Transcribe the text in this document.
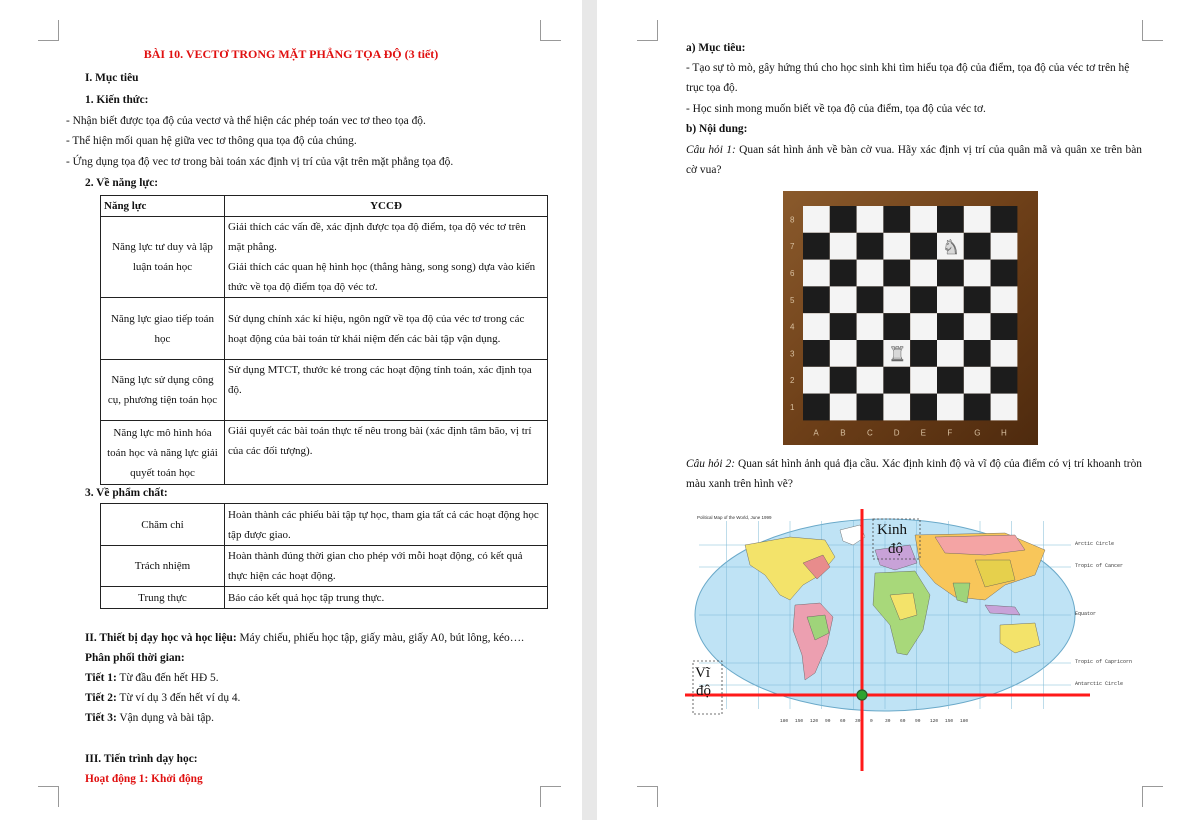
BÀI 10. VECTƠ TRONG MẶT PHẲNG TỌA ĐỘ (3 tiết)
I. Mục tiêu
1. Kiến thức:
- Nhận biết được tọa độ của vectơ và thể hiện các phép toán vec tơ theo tọa độ.
- Thể hiện mối quan hệ giữa vec tơ thông qua tọa độ của chúng.
- Ứng dụng tọa độ vec tơ trong bài toán xác định vị trí của vật trên mặt phẳng tọa độ.
2. Về năng lực:
Năng lực	YCCĐ
Năng lực tư duy và lập luận toán học	Giải thích các vấn đề, xác định được tọa độ điểm, tọa độ véc tơ trên mặt phẳng.
Giải thích các quan hệ hình học (thẳng hàng, song song) dựa vào kiến thức về tọa độ điểm tọa độ véc tơ.
Năng lực giao tiếp toán học	Sử dụng chính xác kí hiệu, ngôn ngữ về tọa độ của véc tơ trong các hoạt động của bài toán từ khái niệm đến các bài tập vận dụng.
Năng lực sử dụng công cụ, phương tiện toán học	Sử dụng MTCT, thước kẻ trong các hoạt động tính toán, xác định tọa độ.
Năng lực mô hình hóa toán học và năng lực giải quyết toán học	Giải quyết các bài toán thực tế nêu trong bài (xác định tâm bão, vị trí của các đối tượng).
3. Về phẩm chất:
Chăm chỉ	Hoàn thành các phiếu bài tập tự học, tham gia tất cả các hoạt động học tập được giao.
Trách nhiệm	Hoàn thành đúng thời gian cho phép với mỗi hoạt động, có kết quả thực hiện các hoạt động.
Trung thực	Báo cáo kết quả học tập trung thực.
II. Thiết bị dạy học và học liệu: Máy chiếu, phiếu học tập, giấy màu, giấy A0, bút lông, kéo….
Phân phối thời gian:
Tiết 1: Từ đầu đến hết HĐ 5.
Tiết 2: Từ ví dụ 3 đến hết ví dụ 4.
Tiết 3: Vận dụng và bài tập.
III. Tiến trình dạy học:
Hoạt động 1: Khởi động
a) Mục tiêu:
- Tạo sự tò mò, gây hứng thú cho học sinh khi tìm hiểu tọa độ của điểm, tọa độ của véc tơ trên hệ trục tọa độ.
- Học sinh mong muốn biết về tọa độ của điểm, tọa độ của véc tơ.
b) Nội dung:
Câu hỏi 1: Quan sát hình ảnh về bàn cờ vua. Hãy xác định vị trí của quân mã và quân xe trên bàn cờ vua?
A	B	C	D	E	F	G	H
1
2
3
4
5
6
7
8
♞
♜
Câu hỏi 2: Quan sát hình ảnh quả địa cầu. Xác định kinh độ và vĩ độ của điểm có vị trí khoanh tròn màu xanh trên hình vẽ?
Political Map of the World, June 1999
Arctic Circle
Tropic of Cancer
Equator
Tropic of Capricorn
Antarctic Circle
180 150 120 90 60 30 0	30 60 90 120 150 180
Kinh
độ
Vĩ
độ
